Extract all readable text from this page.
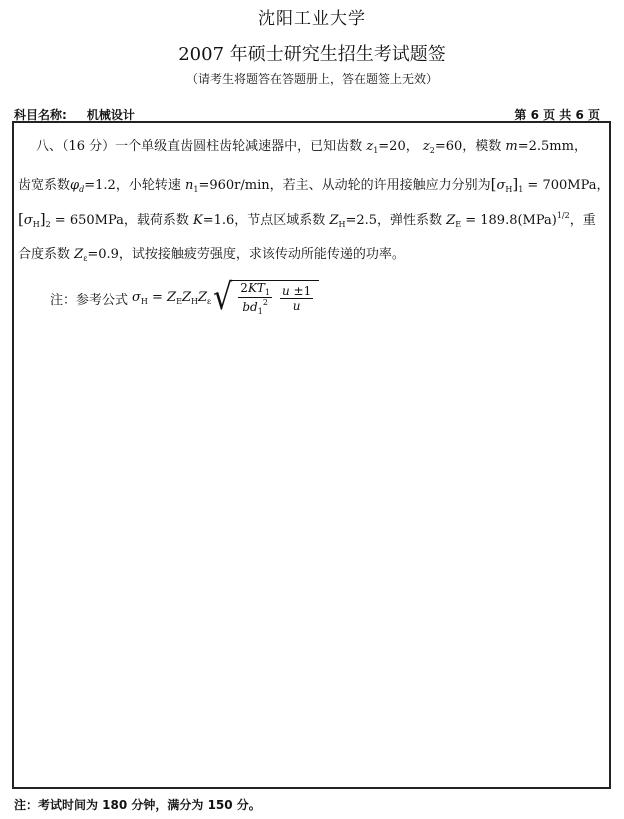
沈阳工业大学
2007 年硕士研究生招生考试题签
（请考生将题答在答题册上，答在题签上无效）
科目名称: 机械设计	第 6 页 共 6 页
八、（16 分）一个单级直齿圆柱齿轮减速器中，已知齿数 $z_1=20$， $z_2=60$，模数 m=2.5mm，
齿宽系数$\varphi_d=1.2$，小轮转速 $n_1=960r/\min$，若主、从动轮的许用接触应力分别为$[\sigma_H]_1 = 700MPa$，
$[\sigma_H]_2 = 650MPa$，载荷系数 K=1.6，节点区域系数 $Z_H=2.5$，弹性系数 $Z_E = 189.8(MPa)^{1/2}$，重
合度系数 $Z_\varepsilon=0.9$，试按接触疲劳强度，求该传动所能传递的功率。
注：参考公式 $\sigma_H = Z_EZ_HZ_\varepsilon$ √ $\frac{2KT_1}{bd_1^2} \frac{u \pm 1}{u}$
注：考试时间为 180 分钟，满分为 150 分。
